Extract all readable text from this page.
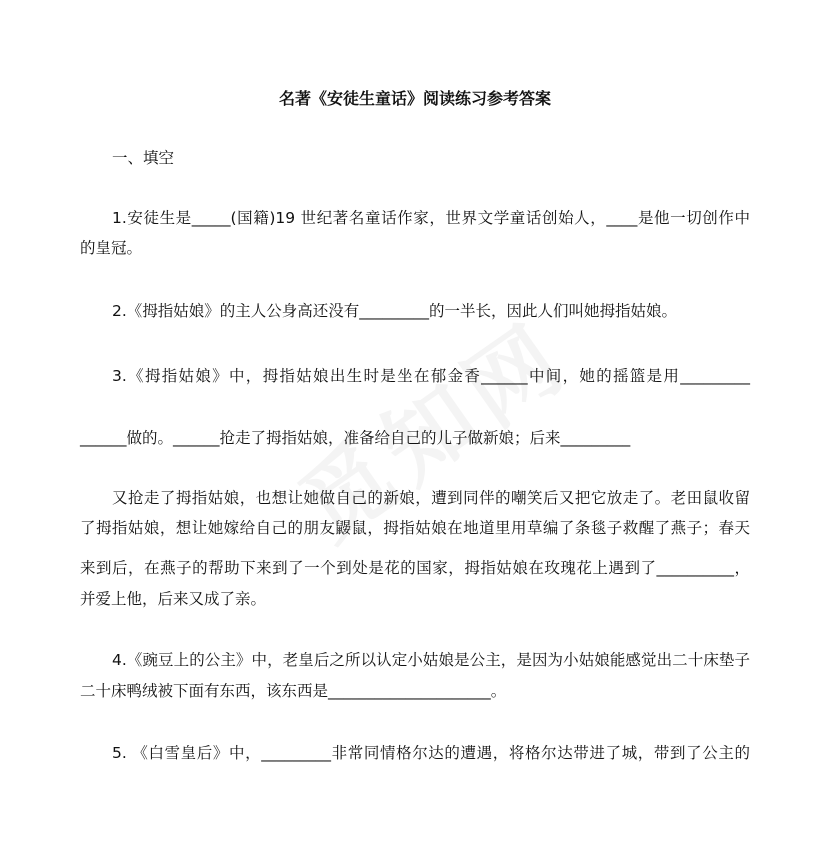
名著《安徒生童话》阅读练习参考答案
一、填空
1.安徒生是_____(国籍)19 世纪著名童话作家，世界文学童话创始人，____是他一切创作中
的皇冠。
2.《拇指姑娘》的主人公身高还没有_________的一半长，因此人们叫她拇指姑娘。
3.《拇指姑娘》中，拇指姑娘出生时是坐在郁金香______中间，她的摇篮是用_________
______做的。______抢走了拇指姑娘，准备给自己的儿子做新娘；后来_________
又抢走了拇指姑娘，也想让她做自己的新娘，遭到同伴的嘲笑后又把它放走了。老田鼠收留
了拇指姑娘，想让她嫁给自己的朋友鼹鼠，拇指姑娘在地道里用草编了条毯子救醒了燕子；春天
来到后，在燕子的帮助下来到了一个到处是花的国家，拇指姑娘在玫瑰花上遇到了__________，
并爱上他，后来又成了亲。
4.《豌豆上的公主》中，老皇后之所以认定小姑娘是公主，是因为小姑娘能感觉出二十床垫子
二十床鸭绒被下面有东西，该东西是_____________________。
5. 《白雪皇后》中，_________非常同情格尔达的遭遇，将格尔达带进了城，带到了公主的
